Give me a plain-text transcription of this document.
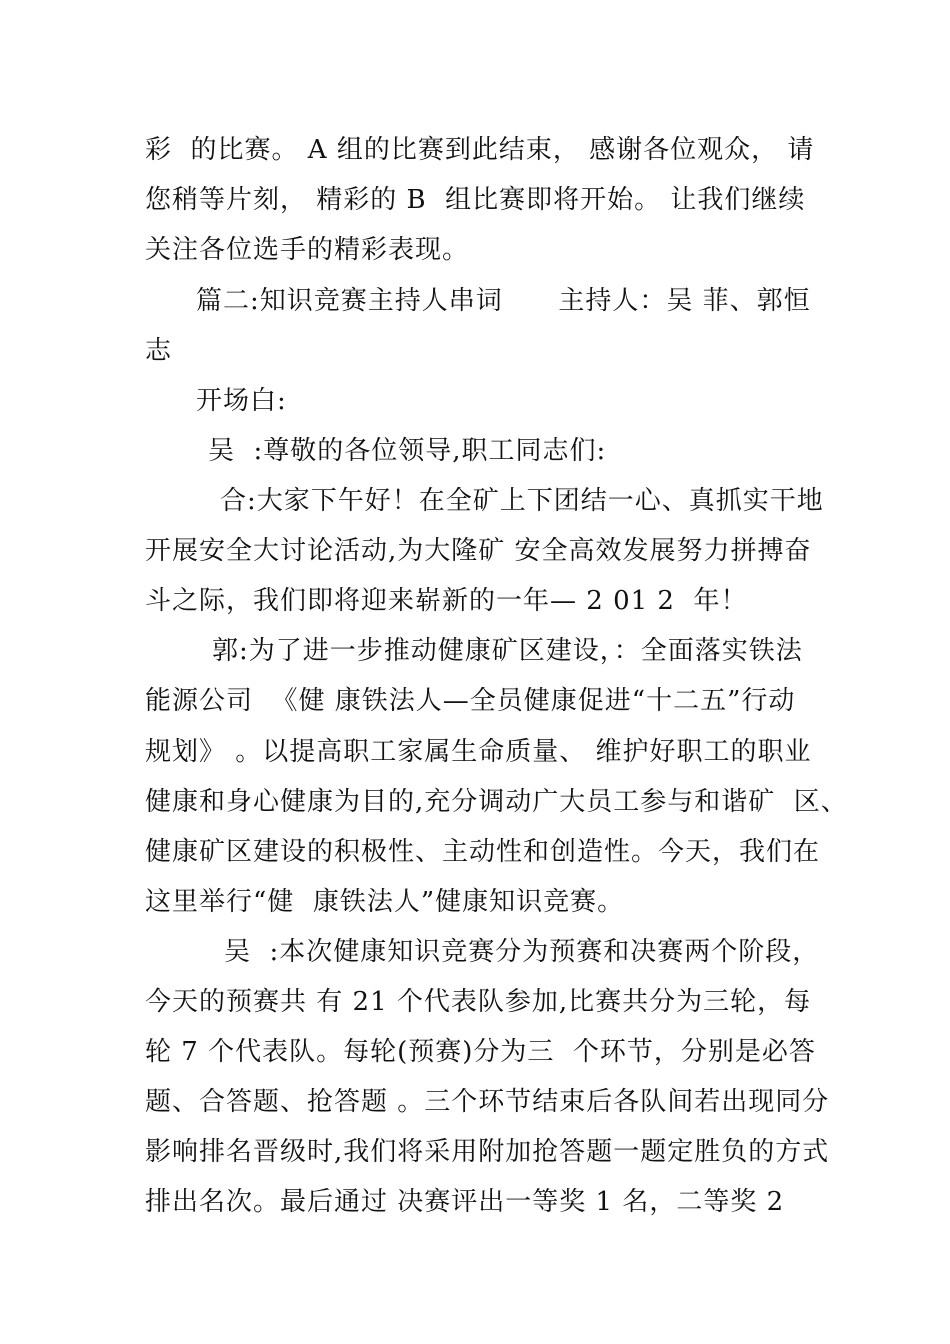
彩  的比赛。 A 组的比赛到此结束， 感谢各位观众， 请
您稍等片刻， 精彩的 B  组比赛即将开始。 让我们继续
关注各位选手的精彩表现。
篇二:知识竞赛主持人串词      主持人：吴 菲、郭恒
志
开场白:
吴  :尊敬的各位领导,职工同志们:
合:大家下午好！在全矿上下团结一心、真抓实干地
开展安全大讨论活动,为大隆矿 安全高效发展努力拼搏奋
斗之际，我们即将迎来崭新的一年— 2 01 2  年！
郭:为了进一步推动健康矿区建设，：全面落实铁法
能源公司  《健 康铁法人—全员健康促进“十二五”行动
规划》 。以提高职工家属生命质量、 维护好职工的职业
健康和身心健康为目的,充分调动广大员工参与和谐矿  区、
健康矿区建设的积极性、主动性和创造性。今天，我们在
这里举行“健  康铁法人”健康知识竞赛。
吴  :本次健康知识竞赛分为预赛和决赛两个阶段，
今天的预赛共 有 21 个代表队参加,比赛共分为三轮，每
轮 7 个代表队。每轮(预赛)分为三  个环节，分别是必答
题、合答题、抢答题 。三个环节结束后各队间若出现同分
影响排名晋级时,我们将采用附加抢答题一题定胜负的方式
排出名次。最后通过 决赛评出一等奖 1 名，二等奖 2
